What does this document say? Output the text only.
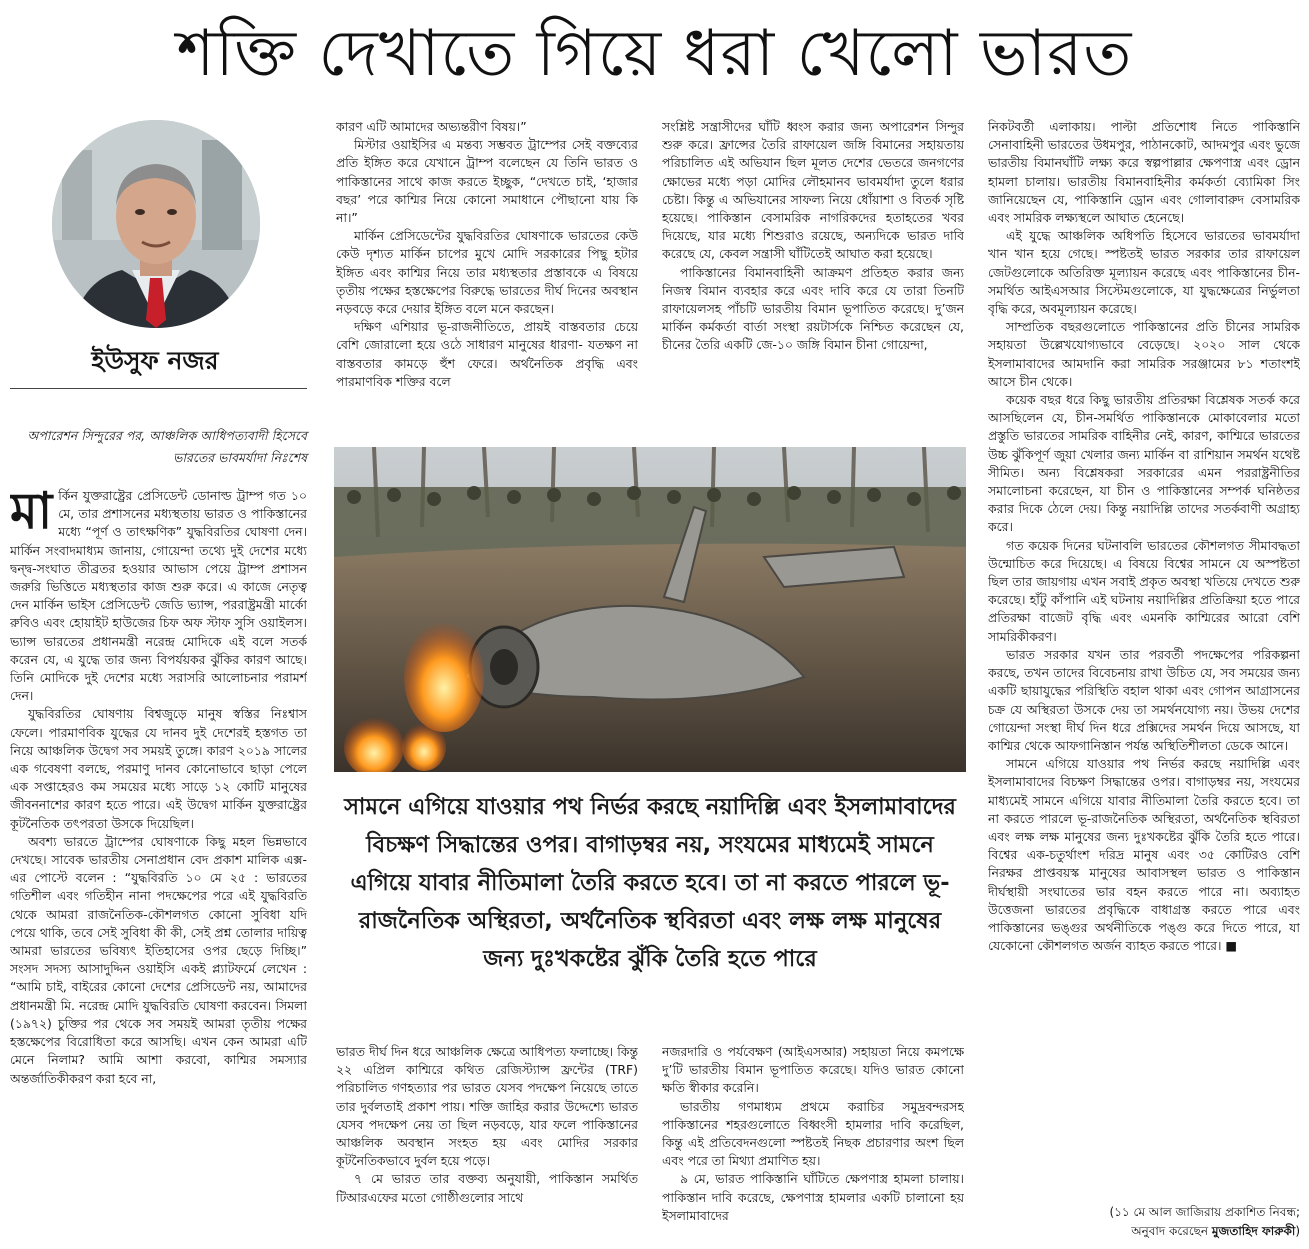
শক্তি দেখাতে গিয়ে ধরা খেলো ভারত
ইউসুফ নজর
অপারেশন সিন্দুরের পর, আঞ্চলিক আধিপত্যবাদী হিসেবে ভারতের ভাবমর্যাদা নিঃশেষ

মার্কিন যুক্তরাষ্ট্রের প্রেসিডেন্ট ডোনাল্ড ট্রাম্প গত ১০ মে, তার প্রশাসনের মধ্যস্থতায় ভারত ও পাকিস্তানের মধ্যে “পূর্ণ ও তাৎক্ষণিক” যুদ্ধবিরতির ঘোষণা দেন। মার্কিন সংবাদমাধ্যম জানায়, গোয়েন্দা তথ্যে দুই দেশের মধ্যে দ্বন্দ্ব-সংঘাত তীব্রতর হওয়ার আভাস পেয়ে ট্রাম্প প্রশাসন জরুরি ভিত্তিতে মধ্যস্থতার কাজ শুরু করে। এ কাজে নেতৃত্ব দেন মার্কিন ভাইস প্রেসিডেন্ট জেডি ভ্যান্স, পররাষ্ট্রমন্ত্রী মার্কো রুবিও এবং হোয়াইট হাউজের চিফ অফ স্টাফ সুসি ওয়াইলস। ভ্যান্স ভারতের প্রধানমন্ত্রী নরেন্দ্র মোদিকে এই বলে সতর্ক করেন যে, এ যুদ্ধে তার জন্য বিপর্যয়কর ঝুঁকির কারণ আছে। তিনি মোদিকে দুই দেশের মধ্যে সরাসরি আলোচনার পরামর্শ দেন।

যুদ্ধবিরতির ঘোষণায় বিশ্বজুড়ে মানুষ স্বস্তির নিঃশ্বাস ফেলে। পারমাণবিক যুদ্ধের যে দানব দুই দেশেরই হস্তগত তা নিয়ে আঞ্চলিক উদ্বেগ সব সময়ই তুঙ্গে। কারণ ২০১৯ সালের এক গবেষণা বলছে, পরমাণু দানব কোনোভাবে ছাড়া পেলে এক সপ্তাহেরও কম সময়ের মধ্যে সাড়ে ১২ কোটি মানুষের জীবননাশের কারণ হতে পারে। এই উদ্বেগ মার্কিন যুক্তরাষ্ট্রের কূটনৈতিক তৎপরতা উসকে দিয়েছিল।

অবশ্য ভারতে ট্রাম্পের ঘোষণাকে কিছু মহল ভিন্নভাবে দেখছে। সাবেক ভারতীয় সেনাপ্রধান বেদ প্রকাশ মালিক এক্স-এর পোস্টে বলেন : “যুদ্ধবিরতি ১০ মে ২৫ : ভারতের গতিশীল এবং গতিহীন নানা পদক্ষেপের পরে এই যুদ্ধবিরতি থেকে আমরা রাজনৈতিক-কৌশলগত কোনো সুবিধা যদি পেয়ে থাকি, তবে সেই সুবিধা কী কী, সেই প্রশ্ন তোলার দায়িত্ব আমরা ভারতের ভবিষ্যৎ ইতিহাসের ওপর ছেড়ে দিচ্ছি।” সংসদ সদস্য আসাদুদ্দিন ওয়াইসি একই প্ল্যাটফর্মে লেখেন : “আমি চাই, বাইরের কোনো দেশের প্রেসিডেন্ট নয়, আমাদের প্রধানমন্ত্রী মি. নরেন্দ্র মোদি যুদ্ধবিরতি ঘোষণা করবেন। সিমলা (১৯৭২) চুক্তির পর থেকে সব সময়ই আমরা তৃতীয় পক্ষের হস্তক্ষেপের বিরোধিতা করে আসছি। এখন কেন আমরা এটি মেনে নিলাম? আমি আশা করবো, কাশ্মির সমস্যার অন্তর্জাতিকীকরণ করা হবে না,

কারণ এটি আমাদের অভ্যন্তরীণ বিষয়।”

মিস্টার ওয়াইসির এ মন্তব্য সম্ভবত ট্রাম্পের সেই বক্তব্যের প্রতি ইঙ্গিত করে যেখানে ট্রাম্প বলেছেন যে তিনি ভারত ও পাকিস্তানের সাথে কাজ করতে ইচ্ছুক, “দেখতে চাই, ‘হাজার বছর’ পরে কাশ্মির নিয়ে কোনো সমাধানে পৌছানো যায় কি না।”

মার্কিন প্রেসিডেন্টের যুদ্ধবিরতির ঘোষণাকে ভারতের কেউ কেউ দৃশ্যত মার্কিন চাপের মুখে মোদি সরকারের পিছু হটার ইঙ্গিত এবং কাশ্মির নিয়ে তার মধ্যস্থতার প্রস্তাবকে এ বিষয়ে তৃতীয় পক্ষের হস্তক্ষেপের বিরুদ্ধে ভারতের দীর্ঘ দিনের অবস্থান নড়বড়ে করে দেয়ার ইঙ্গিত বলে মনে করছেন।

দক্ষিণ এশিয়ার ভূ-রাজনীতিতে, প্রায়ই বাস্তবতার চেয়ে বেশি জোরালো হয়ে ওঠে সাধারণ মানুষের ধারণা- যতক্ষণ না বাস্তবতার কামড়ে হুঁশ ফেরে। অর্থনৈতিক প্রবৃদ্ধি এবং পারমাণবিক শক্তির বলে

সংশ্লিষ্ট সন্ত্রাসীদের ঘাঁটি ধ্বংস করার জন্য অপারেশন সিন্দুর শুরু করে। ফ্রান্সের তৈরি রাফায়েল জঙ্গি বিমানের সহায়তায় পরিচালিত এই অভিযান ছিল মূলত দেশের ভেতরে জনগণের ক্ষোভের মধ্যে পড়া মোদির লৌহমানব ভাবমর্যাদা তুলে ধরার চেষ্টা। কিন্তু এ অভিযানের সাফল্য নিয়ে ধোঁয়াশা ও বিতর্ক সৃষ্টি হয়েছে। পাকিস্তান বেসামরিক নাগরিকদের হতাহতের খবর দিয়েছে, যার মধ্যে শিশুরাও রয়েছে, অন্যদিকে ভারত দাবি করেছে যে, কেবল সন্ত্রাসী ঘাঁটিতেই আঘাত করা হয়েছে।

পাকিস্তানের বিমানবাহিনী আক্রমণ প্রতিহত করার জন্য নিজস্ব বিমান ব্যবহার করে এবং দাবি করে যে তারা তিনটি রাফায়েলসহ পাঁচটি ভারতীয় বিমান ভূপাতিত করেছে। দু’জন মার্কিন কর্মকর্তা বার্তা সংস্থা রয়টার্সকে নিশ্চিত করেছেন যে, চীনের তৈরি একটি জে-১০ জঙ্গি বিমান চীনা গোয়েন্দা,

সামনে এগিয়ে যাওয়ার পথ নির্ভর করছে নয়াদিল্লি এবং ইসলামাবাদের বিচক্ষণ সিদ্ধান্তের ওপর। বাগাড়ম্বর নয়, সংযমের মাধ্যমেই সামনে এগিয়ে যাবার নীতিমালা তৈরি করতে হবে। তা না করতে পারলে ভূ-রাজনৈতিক অস্থিরতা, অর্থনৈতিক স্থবিরতা এবং লক্ষ লক্ষ মানুষের জন্য দুঃখকষ্টের ঝুঁকি তৈরি হতে পারে

ভারত দীর্ঘ দিন ধরে আঞ্চলিক ক্ষেত্রে আধিপত্য ফলাচ্ছে। কিন্তু ২২ এপ্রিল কাশ্মিরে কথিত রেজিস্ট্যান্স ফ্রন্টের (TRF) পরিচালিত গণহত্যার পর ভারত যেসব পদক্ষেপ নিয়েছে তাতে তার দুর্বলতাই প্রকাশ পায়। শক্তি জাহির করার উদ্দেশ্যে ভারত যেসব পদক্ষেপ নেয় তা ছিল নড়বড়ে, যার ফলে পাকিস্তানের আঞ্চলিক অবস্থান সংহত হয় এবং মোদির সরকার কূটনৈতিকভাবে দুর্বল হয়ে পড়ে।

৭ মে ভারত তার বক্তব্য অনুযায়ী, পাকিস্তান সমর্থিত টিআরএফের মতো গোষ্ঠীগুলোর সাথে

নজরদারি ও পর্যবেক্ষণ (আইএসআর) সহায়তা নিয়ে কমপক্ষে দু’টি ভারতীয় বিমান ভূপাতিত করেছে। যদিও ভারত কোনো ক্ষতি স্বীকার করেনি।

ভারতীয় গণমাধ্যম প্রথমে করাচির সমুদ্রবন্দরসহ পাকিস্তানের শহরগুলোতে বিধ্বংসী হামলার দাবি করেছিল, কিন্তু এই প্রতিবেদনগুলো স্পষ্টতই নিছক প্রচারণার অংশ ছিল এবং পরে তা মিথ্যা প্রমাণিত হয়।

৯ মে, ভারত পাকিস্তানি ঘাঁটিতে ক্ষেপণাস্ত্র হামলা চালায়। পাকিস্তান দাবি করেছে, ক্ষেপণাস্ত্র হামলার একটি চালানো হয় ইসলামাবাদের

নিকটবর্তী এলাকায়। পাল্টা প্রতিশোধ নিতে পাকিস্তানি সেনাবাহিনী ভারতের উধমপুর, পাঠানকোট, আদমপুর এবং ভুজে ভারতীয় বিমানঘাঁটি লক্ষ্য করে স্বল্পপাল্লার ক্ষেপণাস্ত্র এবং ড্রোন হামলা চালায়। ভারতীয় বিমানবাহিনীর কর্মকর্তা ব্যোমিকা সিং জানিয়েছেন যে, পাকিস্তানি ড্রোন এবং গোলাবারুদ বেসামরিক এবং সামরিক লক্ষ্যস্থলে আঘাত হেনেছে।

এই যুদ্ধে আঞ্চলিক অধিপতি হিসেবে ভারতের ভাবমর্যাদা খান খান হয়ে গেছে। স্পষ্টতই ভারত সরকার তার রাফায়েল জেটগুলোকে অতিরিক্ত মূল্যায়ন করেছে এবং পাকিস্তানের চীন-সমর্থিত আইএসআর সিস্টেমগুলোকে, যা যুদ্ধক্ষেত্রের নির্ভুলতা বৃদ্ধি করে, অবমূল্যায়ন করেছে।

সাম্প্রতিক বছরগুলোতে পাকিস্তানের প্রতি চীনের সামরিক সহায়তা উল্লেখযোগ্যভাবে বেড়েছে। ২০২০ সাল থেকে ইসলামাবাদের আমদানি করা সামরিক সরঞ্জামের ৮১ শতাংশই আসে চীন থেকে।

কয়েক বছর ধরে কিছু ভারতীয় প্রতিরক্ষা বিশ্লেষক সতর্ক করে আসছিলেন যে, চীন-সমর্থিত পাকিস্তানকে মোকাবেলার মতো প্রস্তুতি ভারতের সামরিক বাহিনীর নেই, কারণ, কাশ্মিরে ভারতের উচ্চ ঝুঁকিপূর্ণ জুয়া খেলার জন্য মার্কিন বা রাশিয়ান সমর্থন যথেষ্ট সীমিত। অন্য বিশ্লেষকরা সরকারের এমন পররাষ্ট্রনীতির সমালোচনা করেছেন, যা চীন ও পাকিস্তানের সম্পর্ক ঘনিষ্ঠতর করার দিকে ঠেলে দেয়। কিন্তু নয়াদিল্লি তাদের সতর্কবাণী অগ্রাহ্য করে।

গত কয়েক দিনের ঘটনাবলি ভারতের কৌশলগত সীমাবদ্ধতা উন্মোচিত করে দিয়েছে। এ বিষয়ে বিশ্বের সামনে যে অস্পষ্টতা ছিল তার জায়গায় এখন সবাই প্রকৃত অবস্থা খতিয়ে দেখতে শুরু করেছে। হাঁটু কাঁপানি এই ঘটনায় নয়াদিল্লির প্রতিক্রিয়া হতে পারে প্রতিরক্ষা বাজেট বৃদ্ধি এবং এমনকি কাশ্মিরের আরো বেশি সামরিকীকরণ।

ভারত সরকার যখন তার পরবর্তী পদক্ষেপের পরিকল্পনা করছে, তখন তাদের বিবেচনায় রাখা উচিত যে, সব সময়ের জন্য একটি ছায়াযুদ্ধের পরিস্থিতি বহাল থাকা এবং গোপন আগ্রাসনের চক্র যে অস্থিরতা উসকে দেয় তা সমর্থনযোগ্য নয়। উভয় দেশের গোয়েন্দা সংস্থা দীর্ঘ দিন ধরে প্রক্সিদের সমর্থন দিয়ে আসছে, যা কাশ্মির থেকে আফগানিস্তান পর্যন্ত অস্থিতিশীলতা ডেকে আনে।

সামনে এগিয়ে যাওয়ার পথ নির্ভর করছে নয়াদিল্লি এবং ইসলামাবাদের বিচক্ষণ সিদ্ধান্তের ওপর। বাগাড়ম্বর নয়, সংযমের মাধ্যমেই সামনে এগিয়ে যাবার নীতিমালা তৈরি করতে হবে। তা না করতে পারলে ভূ-রাজনৈতিক অস্থিরতা, অর্থনৈতিক স্থবিরতা এবং লক্ষ লক্ষ মানুষের জন্য দুঃখকষ্টের ঝুঁকি তৈরি হতে পারে। বিশ্বের এক-চতুর্থাংশ দরিদ্র মানুষ এবং ৩৫ কোটিরও বেশি নিরক্ষর প্রাপ্তবয়স্ক মানুষের আবাসস্থল ভারত ও পাকিস্তান দীর্ঘস্থায়ী সংঘাতের ভার বহন করতে পারে না। অব্যাহত উত্তেজনা ভারতের প্রবৃদ্ধিকে বাধাগ্রস্ত করতে পারে এবং পাকিস্তানের ভঙ্গুর অর্থনীতিকে পঙ্গু করে দিতে পারে, যা যেকোনো কৌশলগত অর্জন ব্যাহত করতে পারে। ■

(১১ মে আল জাজিরায় প্রকাশিত নিবন্ধ;
অনুবাদ করেছেন মুজতাহিদ ফারুকী)
